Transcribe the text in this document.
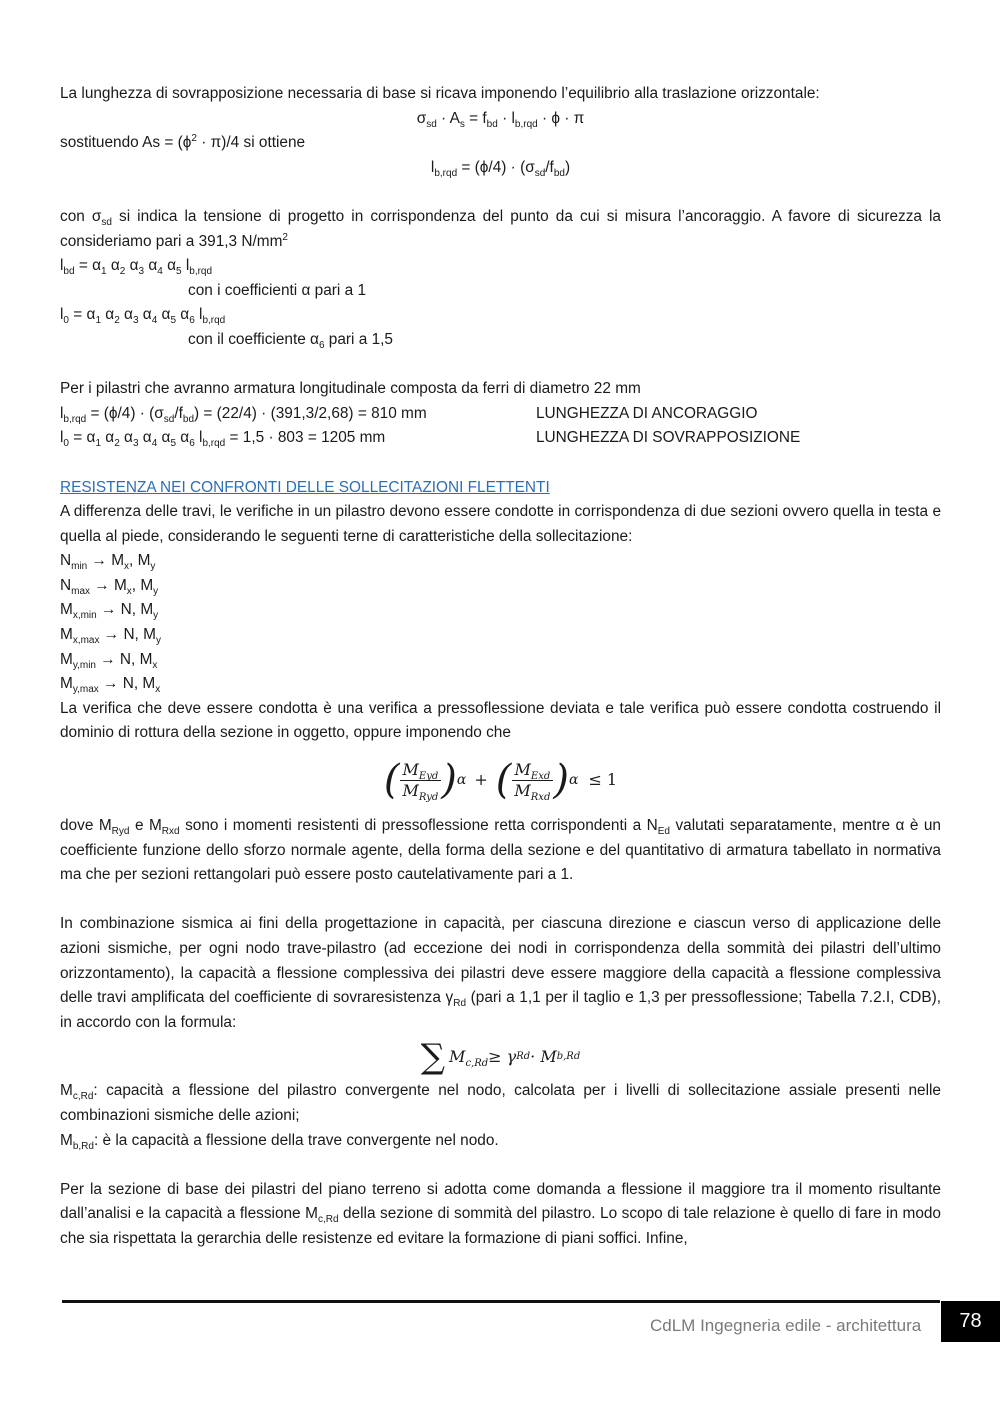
La lunghezza di sovrapposizione necessaria di base si ricava imponendo l’equilibrio alla traslazione orizzontale:
$\sigma_{sd} \cdot A_s = f_{bd} \cdot l_{b,rqd} \cdot \phi \cdot \pi$
sostituendo $As = (\phi^2 \cdot \pi)/4$ si ottiene
$l_{b,rqd} = (\phi/4) \cdot (\sigma_{sd}/f_{bd})$
con $\sigma_{sd}$ si indica la tensione di progetto in corrispondenza del punto da cui si misura l’ancoraggio. A favore di sicurezza la consideriamo pari a 391,3 $N/mm^2$
$l_{bd} = \alpha_1$ $\alpha_2$ $\alpha_3$ $\alpha_4$ $\alpha_5$ $l_{b,rqd}$
con i coefficienti α pari a 1
$l_0 = \alpha_1$ $\alpha_2$ $\alpha_3$ $\alpha_4$ $\alpha_5$ $\alpha_6$ $l_{b,rqd}$
con il coefficiente $\alpha_6$ pari a 1,5
Per i pilastri che avranno armatura longitudinale composta da ferri di diametro 22 mm
$l_{b,rqd} = (\phi/4) \cdot (\sigma_{sd}/f_{bd}) = (22/4) \cdot (391,3/2,68) = 810$ mm	LUNGHEZZA DI ANCORAGGIO
$l_0 = \alpha_1$ $\alpha_2$ $\alpha_3$ $\alpha_4$ $\alpha_5$ $\alpha_6$ $l_{b,rqd} = 1,5 \cdot 803 = 1205$ mm	LUNGHEZZA DI SOVRAPPOSIZIONE
RESISTENZA NEI CONFRONTI DELLE SOLLECITAZIONI FLETTENTI
A differenza delle travi, le verifiche in un pilastro devono essere condotte in corrispondenza di due sezioni ovvero quella in testa e quella al piede, considerando le seguenti terne di caratteristiche della sollecitazione:
$N_{min} \to M_x$, $M_y$
$N_{max} \to M_x$, $M_y$
$M_{x,min} \to N$, $M_y$
$M_{x,max} \to N$, $M_y$
$M_{y,min} \to N$, $M_x$
$M_{y,max} \to N$, $M_x$
La verifica che deve essere condotta è una verifica a pressoflessione deviata e tale verifica può essere condotta costruendo il dominio di rottura della sezione in oggetto, oppure imponendo che
( $\frac{M_{Eyd}}{M_{Ryd}}$ ) α + ( $\frac{M_{Exd}}{M_{Rxd}}$ ) α ≤ 1
dove $M_{Ryd}$ e $M_{Rxd}$ sono i momenti resistenti di pressoflessione retta corrispondenti a $N_{Ed}$ valutati separatamente, mentre α è un coefficiente funzione dello sforzo normale agente, della forma della sezione e del quantitativo di armatura tabellato in normativa ma che per sezioni rettangolari può essere posto cautelativamente pari a 1.
In combinazione sismica ai fini della progettazione in capacità, per ciascuna direzione e ciascun verso di applicazione delle azioni sismiche, per ogni nodo trave-pilastro (ad eccezione dei nodi in corrispondenza della sommità dei pilastri dell’ultimo orizzontamento), la capacità a flessione complessiva dei pilastri deve essere maggiore della capacità a flessione complessiva delle travi amplificata del coefficiente di sovraresistenza $\gamma_{Rd}$ (pari a 1,1 per il taglio e 1,3 per pressoflessione; Tabella 7.2.I, CDB), in accordo con la formula:
∑ $M_{c,Rd} \ge \gamma$ Rd · M b,Rd
$M_{c,Rd}$: capacità a flessione del pilastro convergente nel nodo, calcolata per i livelli di sollecitazione assiale presenti nelle combinazioni sismiche delle azioni;
$M_{b,Rd}$: è la capacità a flessione della trave convergente nel nodo.
Per la sezione di base dei pilastri del piano terreno si adotta come domanda a flessione il maggiore tra il momento risultante dall’analisi e la capacità a flessione $M_{c,Rd}$ della sezione di sommità del pilastro. Lo scopo di tale relazione è quello di fare in modo che sia rispettata la gerarchia delle resistenze ed evitare la formazione di piani soffici. Infine,
CdLM Ingegneria edile - architettura	78
